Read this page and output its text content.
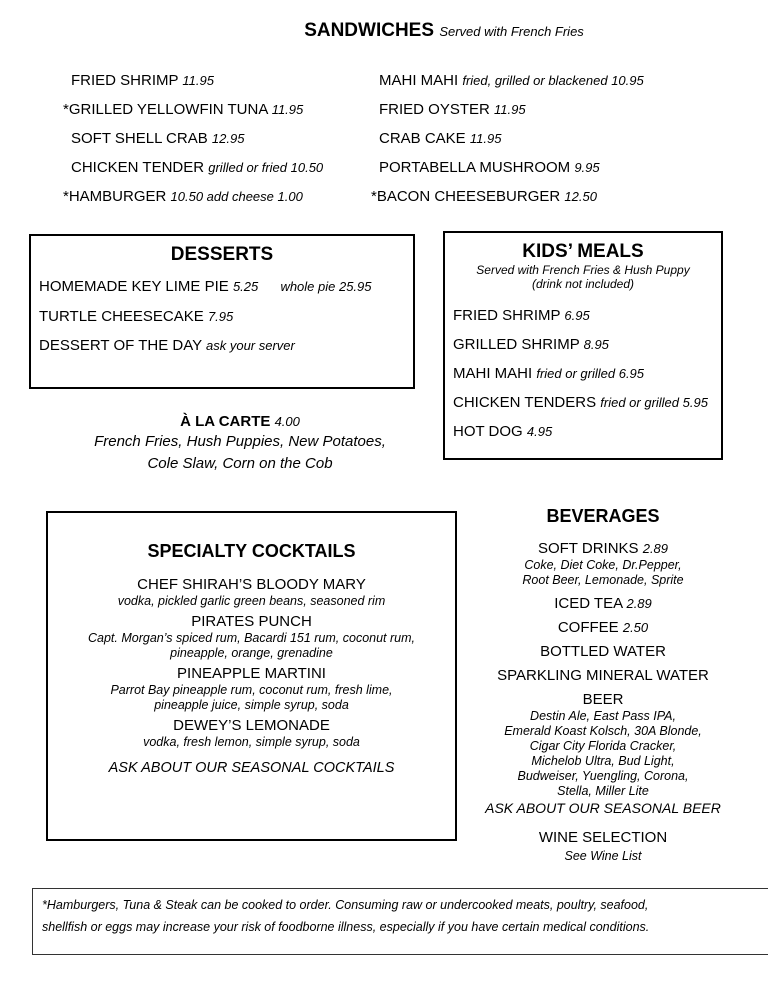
SANDWICHES Served with French Fries
FRIED SHRIMP 11.95
*GRILLED YELLOWFIN TUNA 11.95
SOFT SHELL CRAB 12.95
CHICKEN TENDER grilled or fried 10.50
*HAMBURGER 10.50 add cheese 1.00
MAHI MAHI fried, grilled or blackened 10.95
FRIED OYSTER 11.95
CRAB CAKE 11.95
PORTABELLA MUSHROOM 9.95
*BACON CHEESEBURGER 12.50
DESSERTS
HOMEMADE KEY LIME PIE 5.25 whole pie 25.95
TURTLE CHEESECAKE 7.95
DESSERT OF THE DAY ask your server
KIDS’ MEALS
Served with French Fries & Hush Puppy
(drink not included)
FRIED SHRIMP 6.95
GRILLED SHRIMP 8.95
MAHI MAHI fried or grilled 6.95
CHICKEN TENDERS fried or grilled 5.95
HOT DOG 4.95
À LA CARTE 4.00
French Fries, Hush Puppies, New Potatoes,
Cole Slaw, Corn on the Cob
SPECIALTY COCKTAILS
CHEF SHIRAH’S BLOODY MARY
vodka, pickled garlic green beans, seasoned rim
PIRATES PUNCH
Capt. Morgan’s spiced rum, Bacardi 151 rum, coconut rum,
pineapple, orange, grenadine
PINEAPPLE MARTINI
Parrot Bay pineapple rum, coconut rum, fresh lime,
pineapple juice, simple syrup, soda
DEWEY’S LEMONADE
vodka, fresh lemon, simple syrup, soda
ASK ABOUT OUR SEASONAL COCKTAILS
BEVERAGES
SOFT DRINKS 2.89
Coke, Diet Coke, Dr.Pepper,
Root Beer, Lemonade, Sprite
ICED TEA 2.89
COFFEE 2.50
BOTTLED WATER
SPARKLING MINERAL WATER
BEER
Destin Ale, East Pass IPA,
Emerald Koast Kolsch, 30A Blonde,
Cigar City Florida Cracker,
Michelob Ultra, Bud Light,
Budweiser, Yuengling, Corona,
Stella, Miller Lite
ASK ABOUT OUR SEASONAL BEER
WINE SELECTION
See Wine List
*Hamburgers, Tuna & Steak can be cooked to order. Consuming raw or undercooked meats, poultry, seafood,
shellfish or eggs may increase your risk of foodborne illness, especially if you have certain medical conditions.
